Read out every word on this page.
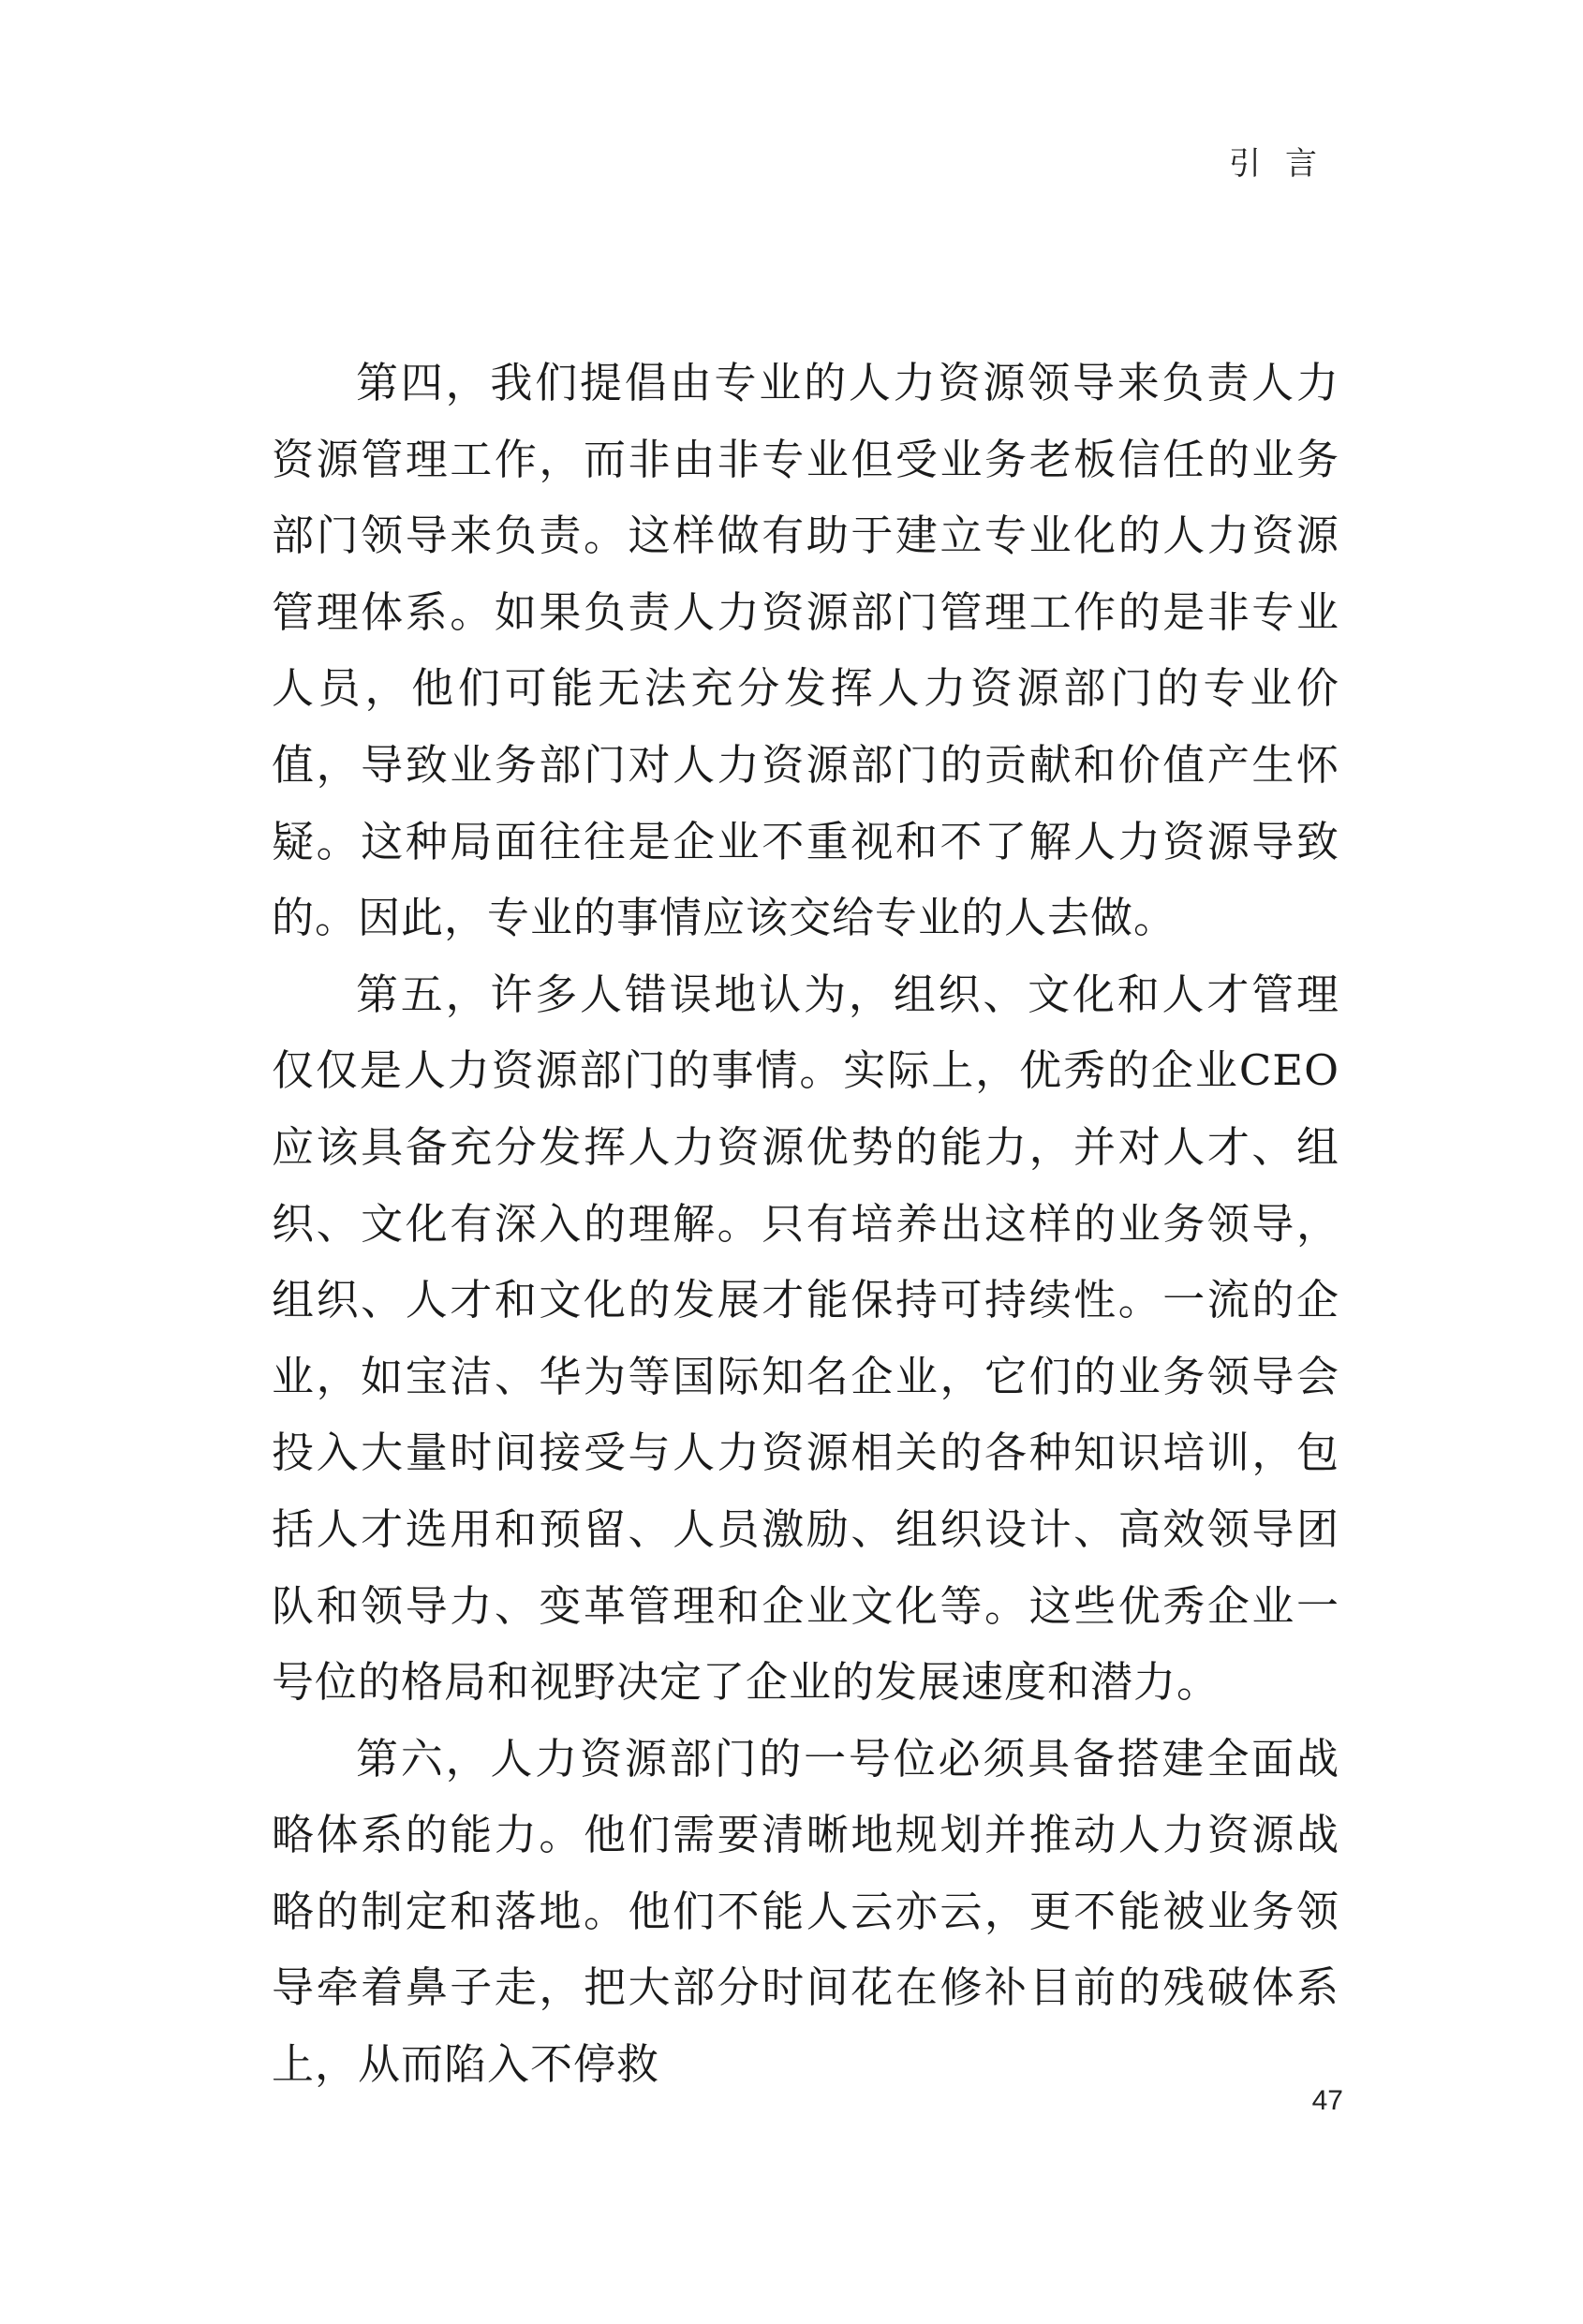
引言

第四，我们提倡由专业的人力资源领导来负责人力资源管理工作，而非由非专业但受业务老板信任的业务部门领导来负责。这样做有助于建立专业化的人力资源管理体系。如果负责人力资源部门管理工作的是非专业人员，他们可能无法充分发挥人力资源部门的专业价值，导致业务部门对人力资源部门的贡献和价值产生怀疑。这种局面往往是企业不重视和不了解人力资源导致的。因此，专业的事情应该交给专业的人去做。

第五，许多人错误地认为，组织、文化和人才管理仅仅是人力资源部门的事情。实际上，优秀的企业CEO应该具备充分发挥人力资源优势的能力，并对人才、组织、文化有深入的理解。只有培养出这样的业务领导，组织、人才和文化的发展才能保持可持续性。一流的企业，如宝洁、华为等国际知名企业，它们的业务领导会投入大量时间接受与人力资源相关的各种知识培训，包括人才选用和预留、人员激励、组织设计、高效领导团队和领导力、变革管理和企业文化等。这些优秀企业一号位的格局和视野决定了企业的发展速度和潜力。

第六，人力资源部门的一号位必须具备搭建全面战略体系的能力。他们需要清晰地规划并推动人力资源战略的制定和落地。他们不能人云亦云，更不能被业务领导牵着鼻子走，把大部分时间花在修补目前的残破体系上，从而陷入不停救

47
